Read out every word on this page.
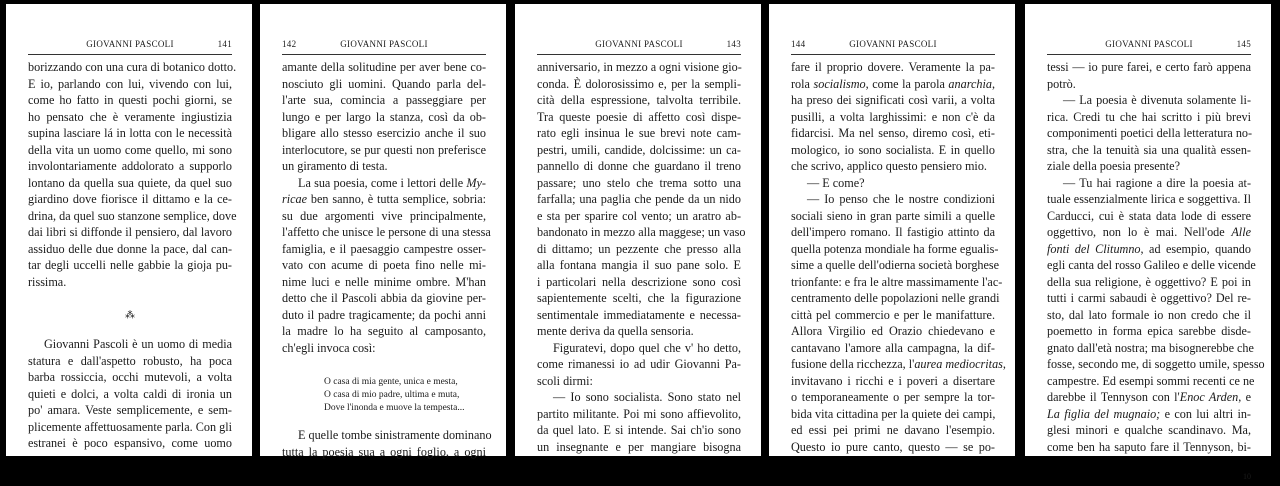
GIOVANNI PASCOLI	141
borizzando con una cura di botanico dotto.
E io, parlando con lui, vivendo con lui,
come ho fatto in questi pochi giorni, se
ho pensato che è veramente ingiustizia
supina lasciare lá in lotta con le necessità
della vita un uomo come quello, mi sono
involontariamente addolorato a supporlo
lontano da quella sua quiete, da quel suo
giardino dove fiorisce il dittamo e la ce-
drina, da quel suo stanzone semplice, dove
dai libri si diffonde il pensiero, dal lavoro
assiduo delle due donne la pace, dal can-
tar degli uccelli nelle gabbie la gioja pu-
rissima.
⁂
Giovanni Pascoli è un uomo di media
statura e dall'aspetto robusto, ha poca
barba rossiccia, occhi mutevoli, a volta
quieti e dolci, a volta caldi di ironia un
po' amara. Veste semplicemente, e sem-
plicemente affettuosamente parla. Con gli
estranei è poco espansivo, come uomo
142	GIOVANNI PASCOLI
amante della solitudine per aver bene co-
nosciuto gli uomini. Quando parla del-
l'arte sua, comincia a passeggiare per
lungo e per largo la stanza, così da ob-
bligare allo stesso esercizio anche il suo
interlocutore, se pur questi non preferisce
un giramento di testa.
La sua poesia, come i lettori delle My-
ricae ben sanno, è tutta semplice, sobria:
su due argomenti vive principalmente,
l'affetto che unisce le persone di una stessa
famiglia, e il paesaggio campestre osser-
vato con acume di poeta fino nelle mi-
nime luci e nelle minime ombre. M'han
detto che il Pascoli abbia da giovine per-
duto il padre tragicamente; da pochi anni
la madre lo ha seguito al camposanto,
ch'egli invoca così:
O casa di mia gente, unica e mesta,
O casa di mio padre, ultima e muta,
Dove l'inonda e muove la tempesta...
E quelle tombe sinistramente dominano
tutta la poesia sua a ogni foglio, a ogni
GIOVANNI PASCOLI	143
anniversario, in mezzo a ogni visione gio-
conda. È dolorosissimo e, per la sempli-
cità della espressione, talvolta terribile.
Tra queste poesie di affetto così dispe-
rato egli insinua le sue brevi note cam-
pestri, umili, candide, dolcissime: un ca-
pannello di donne che guardano il treno
passare; uno stelo che trema sotto una
farfalla; una paglia che pende da un nido
e sta per sparire col vento; un aratro ab-
bandonato in mezzo alla maggese; un vaso
di dittamo; un pezzente che presso alla
alla fontana mangia il suo pane solo. E
i particolari nella descrizione sono così
sapientemente scelti, che la figurazione
sentimentale immediatamente e necessa-
mente deriva da quella sensoria.
Figuratevi, dopo quel che v' ho detto,
come rimanessi io ad udir Giovanni Pa-
scoli dirmi:
— Io sono socialista. Sono stato nel
partito militante. Poi mi sono affievolito,
da quel lato. E si intende. Sai ch'io sono
un insegnante e per mangiare bisogna
144	GIOVANNI PASCOLI
fare il proprio dovere. Veramente la pa-
rola socialismo, come la parola anarchia,
ha preso dei significati così varii, a volta
pusilli, a volta larghissimi: e non c'è da
fidarcisi. Ma nel senso, diremo così, eti-
mologico, io sono socialista. E in quello
che scrivo, applico questo pensiero mio.
— E come?
— Io penso che le nostre condizioni
sociali sieno in gran parte simili a quelle
dell'impero romano. Il fastigio attinto da
quella potenza mondiale ha forme egualis-
sime a quelle dell'odierna società borghese
trionfante: e fra le altre massimamente l'ac-
centramento delle popolazioni nelle grandi
città pel commercio e per le manifatture.
Allora Virgilio ed Orazio chiedevano e
cantavano l'amore alla campagna, la dif-
fusione della ricchezza, l'aurea mediocritas,
invitavano i ricchi e i poveri a disertare
o temporaneamente o per sempre la tor-
bida vita cittadina per la quiete dei campi,
ed essi pei primi ne davano l'esempio.
Questo io pure canto, questo — se po-
GIOVANNI PASCOLI	145
tessi — io pure farei, e certo farò appena
potrò.
— La poesia è divenuta solamente li-
rica. Credi tu che hai scritto i più brevi
componimenti poetici della letteratura no-
stra, che la tenuità sia una qualità essen-
ziale della poesia presente?
— Tu hai ragione a dire la poesia at-
tuale essenzialmente lirica e soggettiva. Il
Carducci, cui è stata data lode di essere
oggettivo, non lo è mai. Nell'ode Alle
fonti del Clitumno, ad esempio, quando
egli canta del rosso Galileo e delle vicende
della sua religione, è oggettivo? E poi in
tutti i carmi sabaudi è oggettivo? Del re-
sto, dal lato formale io non credo che il
poemetto in forma epica sarebbe disde-
gnato dall'età nostra; ma bisognerebbe che
fosse, secondo me, di soggetto umile, spesso
campestre. Ed esempi sommi recenti ce ne
darebbe il Tennyson con l'Enoc Arden, e
La figlia del mugnaio; e con lui altri in-
glesi minori e qualche scandinavo. Ma,
come ben ha saputo fare il Tennyson, bi-
10
